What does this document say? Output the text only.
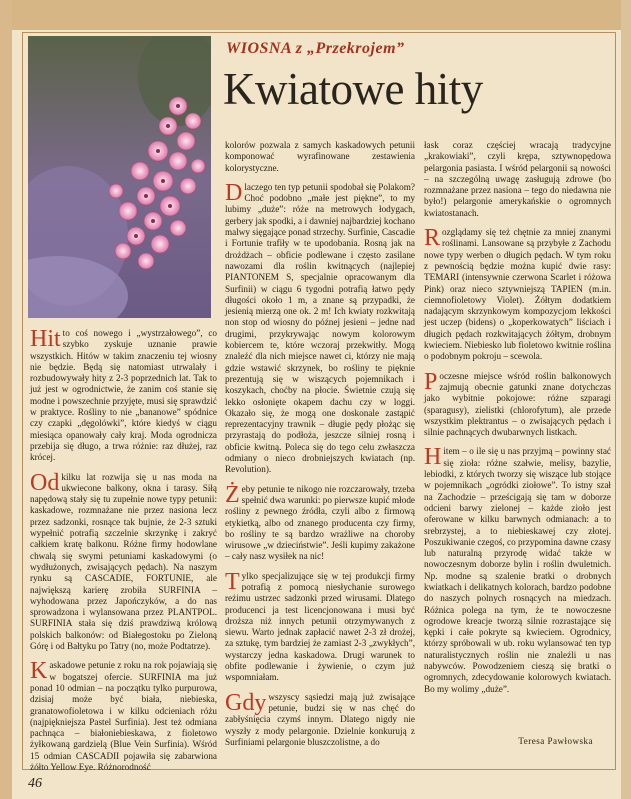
WIOSNA z „Przekrojem”
Kwiatowe hity

Hit to coś nowego i „wystrzałowego”, co szybko zyskuje uznanie prawie wszystkich. Hitów w takim znaczeniu tej wiosny nie będzie. Będą się natomiast utrwalały i rozbudowywały hity z 2-3 poprzednich lat. Tak to już jest w ogrodnictwie, że zanim coś stanie się modne i powszechnie przyjęte, musi się sprawdzić w praktyce. Rośliny to nie „bananowe” spódnice czy czapki „dęgolówki”, które kiedyś w ciągu miesiąca opanowały cały kraj. Moda ogrodnicza przebija się długo, a trwa różnie: raz dłużej, raz krócej.

Od kilku lat rozwija się u nas moda na ukwiecone balkony, okna i tarasy. Siłą napędową stały się tu zupełnie nowe typy petunii: kaskadowe, rozmnażane nie przez nasiona lecz przez sadzonki, rosnące tak bujnie, że 2-3 sztuki wypełnić potrafią szczelnie skrzynkę i zakryć całkiem kratę balkonu. Różne firmy hodowlane chwalą się swymi petuniami kaskadowymi (o wydłużonych, zwisających pędach). Na naszym rynku są CASCADIE, FORTUNIE, ale największą karierę zrobiła SURFINIA – wyhodowana przez Japończyków, a do nas sprowadzona i wylansowana przez PLANTPOL. SURFINIA stała się dziś prawdziwą królową polskich balkonów: od Białegostoku po Zieloną Górę i od Bałtyku po Tatry (no, może Podtatrze).

Kaskadowe petunie z roku na rok pojawiają się w bogatszej ofercie. SURFINIA ma już ponad 10 odmian – na początku tylko purpurowa, dzisiaj może być biała, niebieska, granatowofioletowa i w kilku odcieniach różu (najpiękniejsza Pastel Surfinia). Jest też odmiana pachnąca – białoniebieskawa, z fioletowo żyłkowaną gardzielą (Blue Vein Surfinia). Wśród 15 odmian CASCADII pojawiła się zabarwiona żółto Yellow Eye. Różnorodność

kolorów pozwala z samych kaskadowych petunii komponować wyrafinowane zestawienia kolorystyczne.

Dlaczego ten typ petunii spodobał się Polakom? Choć podobno „małe jest piękne”, to my lubimy „duże”: róże na metrowych łodygach, gerbery jak spodki, a i dawniej najbardziej kochano malwy sięgające ponad strzechy. Surfinie, Cascadie i Fortunie trafiły w te upodobania. Rosną jak na drożdżach – obficie podlewane i często zasilane nawozami dla roślin kwitnących (najlepiej PIANTONEM S, specjalnie opracowanym dla Surfinii) w ciągu 6 tygodni potrafią łatwo pędy długości około 1 m, a znane są przypadki, że jesienią mierzą one ok. 2 m! Ich kwiaty rozkwitają non stop od wiosny do późnej jesieni – jedne nad drugimi, przykrywając nowym kolorowym kobiercem te, które wczoraj przekwitły. Mogą znaleźć dla nich miejsce nawet ci, którzy nie mają gdzie wstawić skrzynek, bo rośliny te pięknie prezentują się w wiszących pojemnikach i koszykach, choćby na płocie. Świetnie czują się lekko osłonięte okapem dachu czy w loggi. Okazało się, że mogą one doskonale zastąpić reprezentacyjny trawnik – długie pędy płożąc się przyrastają do podłoża, jeszcze silniej rosną i obficie kwitną. Poleca się do tego celu zwłaszcza odmiany o nieco drobniejszych kwiatach (np. Revolution).

Żeby petunie te nikogo nie rozczarowały, trzeba spełnić dwa warunki: po pierwsze kupić młode rośliny z pewnego źródła, czyli albo z firmową etykietką, albo od znanego producenta czy firmy, bo rośliny te są bardzo wrażliwe na choroby wirusowe „w dzieciństwie”. Jeśli kupimy zakażone – cały nasz wysiłek na nic!

Tylko specjalizujące się w tej produkcji firmy potrafią z pomocą niesłychanie surowego reżimu ustrzec sadzonki przed wirusami. Dlatego producenci ja test licencjonowana i musi być droższa niż innych petunii otrzymywanych z siewu. Warto jednak zapłacić nawet 2-3 zł drożej, za sztukę, tym bardziej że zamiast 2-3 „zwykłych”, wystarczy jedna kaskadowa. Drugi warunek to obfite podlewanie i żywienie, o czym już wspomniałam.

Gdy wszyscy sąsiedzi mają już zwisające petunie, budzi się w nas chęć do zabłyśnięcia czymś innym. Dlatego nigdy nie wyszły z mody pelargonie. Dzielnie konkurują z Surfiniami pelargonie bluszczolistne, a do

łask coraz częściej wracają tradycyjne „krakowiaki”, czyli krępa, sztywnopędowa pelargonia pasiasta. I wśród pelargonii są nowości – na szczególną uwagę zasługują zdrowe (bo rozmnażane przez nasiona – tego do niedawna nie było!) pelargonie amerykańskie o ogromnych kwiatostanach.

Rozglądamy się też chętnie za mniej znanymi roślinami. Lansowane są przybyłe z Zachodu nowe typy werben o długich pędach. W tym roku z pewnością będzie można kupić dwie rasy: TEMARI (intensywnie czerwona Scarlet i różowa Pink) oraz nieco sztywniejszą TAPIEN (m.in. ciemnofioletowy Violet). Żółtym dodatkiem nadającym skrzynkowym kompozycjom lekkości jest uczep (bidens) o „koperkowatych” liściach i długich pędach rozkwitających żółtym, drobnym kwieciem. Niebiesko lub fioletowo kwitnie roślina o podobnym pokroju – scewola.

Poczesne miejsce wśród roślin balkonowych zajmują obecnie gatunki znane dotychczas jako wybitnie pokojowe: różne szparagi (sparagusy), zielistki (chlorofytum), ale przede wszystkim plektrantus – o zwisających pędach i silnie pachnących dwubarwnych listkach.

Hitem – o ile się u nas przyjmą – powinny stać się zioła: różne szałwie, melisy, bazylie, lebiodki, z których tworzy się wiszące lub stojące w pojemnikach „ogródki ziołowe”. To istny szał na Zachodzie – prześcigają się tam w doborze odcieni barwy zielonej – każde zioło jest oferowane w kilku barwnych odmianach: a to srebrzystej, a to niebieskawej czy złotej. Poszukiwanie czegoś, co przypomina dawne czasy lub naturalną przyrodę widać także w nowoczesnym doborze bylin i roślin dwuletnich. Np. modne są szalenie bratki o drobnych kwiatkach i delikatnych kolorach, bardzo podobne do naszych polnych rosnących na miedzach. Różnica polega na tym, że te nowoczesne ogrodowe kreacje tworzą silnie rozrastające się kępki i całe pokryte są kwieciem. Ogrodnicy, którzy spróbowali w ub. roku wylansować ten typ naturalistycznych roślin nie znaleźli u nas nabywców. Powodzeniem cieszą się bratki o ogromnych, zdecydowanie kolorowych kwiatach. Bo my wolimy „duże”.

Teresa Pawłowska
46
